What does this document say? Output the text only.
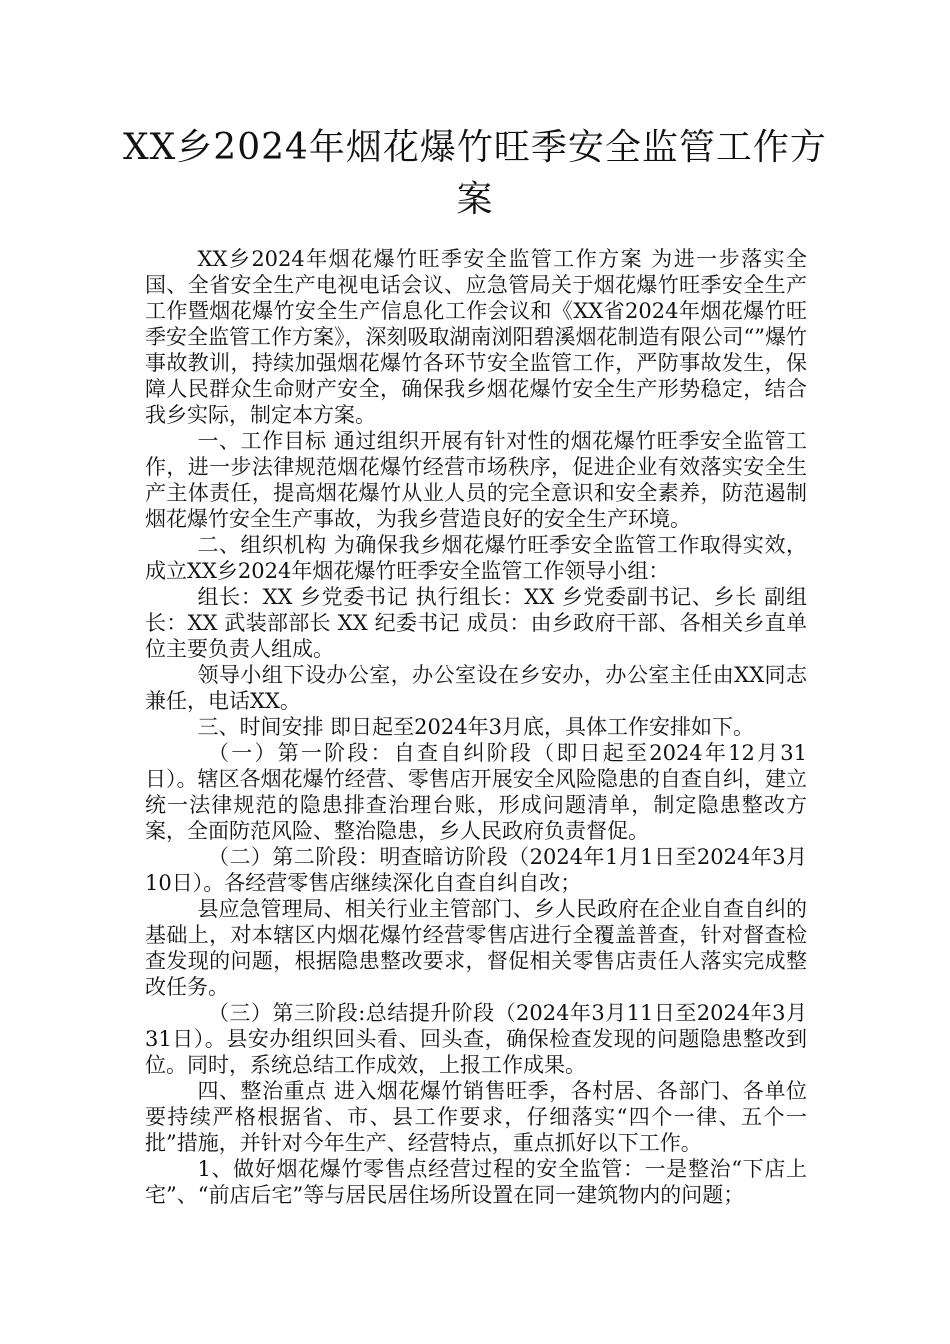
XX乡2024年烟花爆竹旺季安全监管工作方案

XX乡2024年烟花爆竹旺季安全监管工作方案 为进一步落实全国、全省安全生产电视电话会议、应急管局关于烟花爆竹旺季安全生产工作暨烟花爆竹安全生产信息化工作会议和《XX省2024年烟花爆竹旺季安全监管工作方案》，深刻吸取湖南浏阳碧溪烟花制造有限公司“”爆竹事故教训，持续加强烟花爆竹各环节安全监管工作，严防事故发生，保障人民群众生命财产安全，确保我乡烟花爆竹安全生产形势稳定，结合我乡实际，制定本方案。

一、工作目标 通过组织开展有针对性的烟花爆竹旺季安全监管工作，进一步法律规范烟花爆竹经营市场秩序，促进企业有效落实安全生产主体责任，提高烟花爆竹从业人员的完全意识和安全素养，防范遏制烟花爆竹安全生产事故，为我乡营造良好的安全生产环境。

二、组织机构 为确保我乡烟花爆竹旺季安全监管工作取得实效，成立XX乡2024年烟花爆竹旺季安全监管工作领导小组：

组长：XX 乡党委书记 执行组长：XX 乡党委副书记、乡长 副组长：XX 武装部部长 XX 纪委书记 成员：由乡政府干部、各相关乡直单位主要负责人组成。

领导小组下设办公室，办公室设在乡安办，办公室主任由XX同志兼任，电话XX。

三、时间安排 即日起至2024年3月底，具体工作安排如下。

（一）第一阶段：自查自纠阶段（即日起至2024年12月31日）。辖区各烟花爆竹经营、零售店开展安全风险隐患的自查自纠，建立统一法律规范的隐患排查治理台账，形成问题清单，制定隐患整改方案，全面防范风险、整治隐患，乡人民政府负责督促。

（二）第二阶段：明查暗访阶段（2024年1月1日至2024年3月10日）。各经营零售店继续深化自查自纠自改；

县应急管理局、相关行业主管部门、乡人民政府在企业自查自纠的基础上，对本辖区内烟花爆竹经营零售店进行全覆盖普查，针对督查检查发现的问题，根据隐患整改要求，督促相关零售店责任人落实完成整改任务。

（三）第三阶段:总结提升阶段（2024年3月11日至2024年3月31日）。县安办组织回头看、回头查，确保检查发现的问题隐患整改到位。同时，系统总结工作成效，上报工作成果。

四、整治重点 进入烟花爆竹销售旺季，各村居、各部门、各单位要持续严格根据省、市、县工作要求，仔细落实“四个一律、五个一批”措施，并针对今年生产、经营特点，重点抓好以下工作。

1、做好烟花爆竹零售点经营过程的安全监管：一是整治“下店上宅”、“前店后宅”等与居民居住场所设置在同一建筑物内的问题；
